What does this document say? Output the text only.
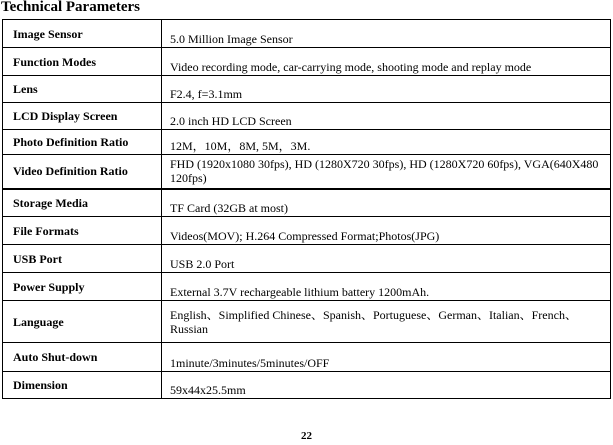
Technical Parameters
Image Sensor	5.0 Million Image Sensor
Function Modes	Video recording mode, car-carrying mode, shooting mode and replay mode
Lens	F2.4, f=3.1mm
LCD Display Screen	2.0 inch HD LCD Screen
Photo Definition Ratio	12M，10M，8M, 5M，3M.
Video Definition Ratio	FHD (1920x1080 30fps), HD (1280X720 30fps), HD (1280X720 60fps), VGA(640X480 120fps)
Storage Media	TF Card (32GB at most)
File Formats	Videos(MOV); H.264 Compressed Format;Photos(JPG)
USB Port	USB 2.0 Port
Power Supply	External 3.7V rechargeable lithium battery 1200mAh.
Language	English、Simplified Chinese、Spanish、Portuguese、German、Italian、French、Russian
Auto Shut-down	1minute/3minutes/5minutes/OFF
Dimension	59x44x25.5mm
22
